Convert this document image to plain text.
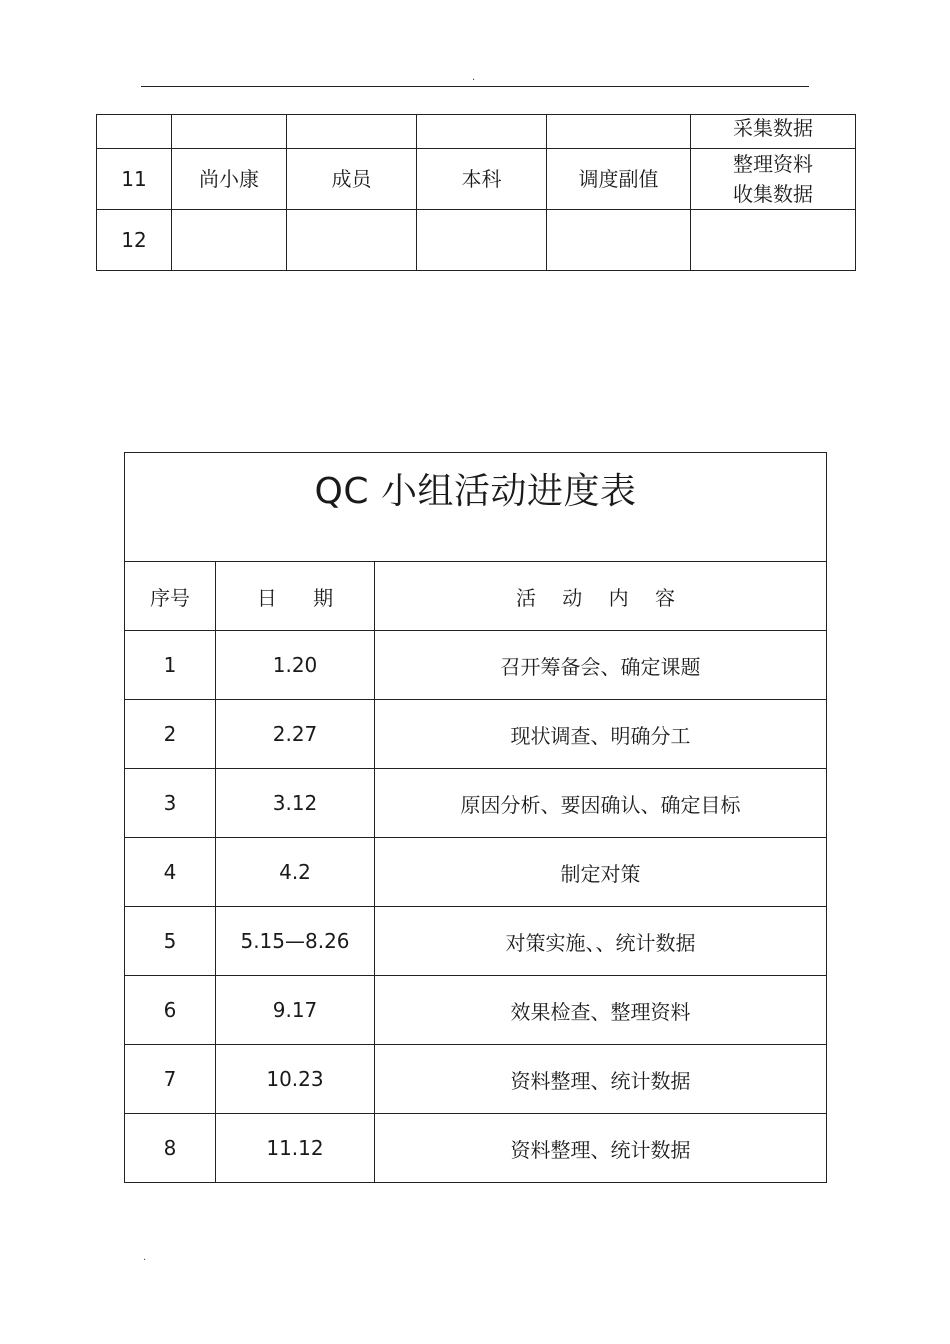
.
					采集数据
11	尚小康	成员	本科	调度副值	整理资料
收集数据

12					
QC 小组活动进度表		
序号	日 期	活 动 内 容
1	1.20	召开筹备会、确定课题
2	2.27	现状调查、明确分工
3	3.12	原因分析、要因确认、确定目标
4	4.2	制定对策
5	5.15—8.26	对策实施、、统计数据
6	9.17	效果检查、整理资料
7	10.23	资料整理、统计数据
8	11.12	资料整理、统计数据
.
